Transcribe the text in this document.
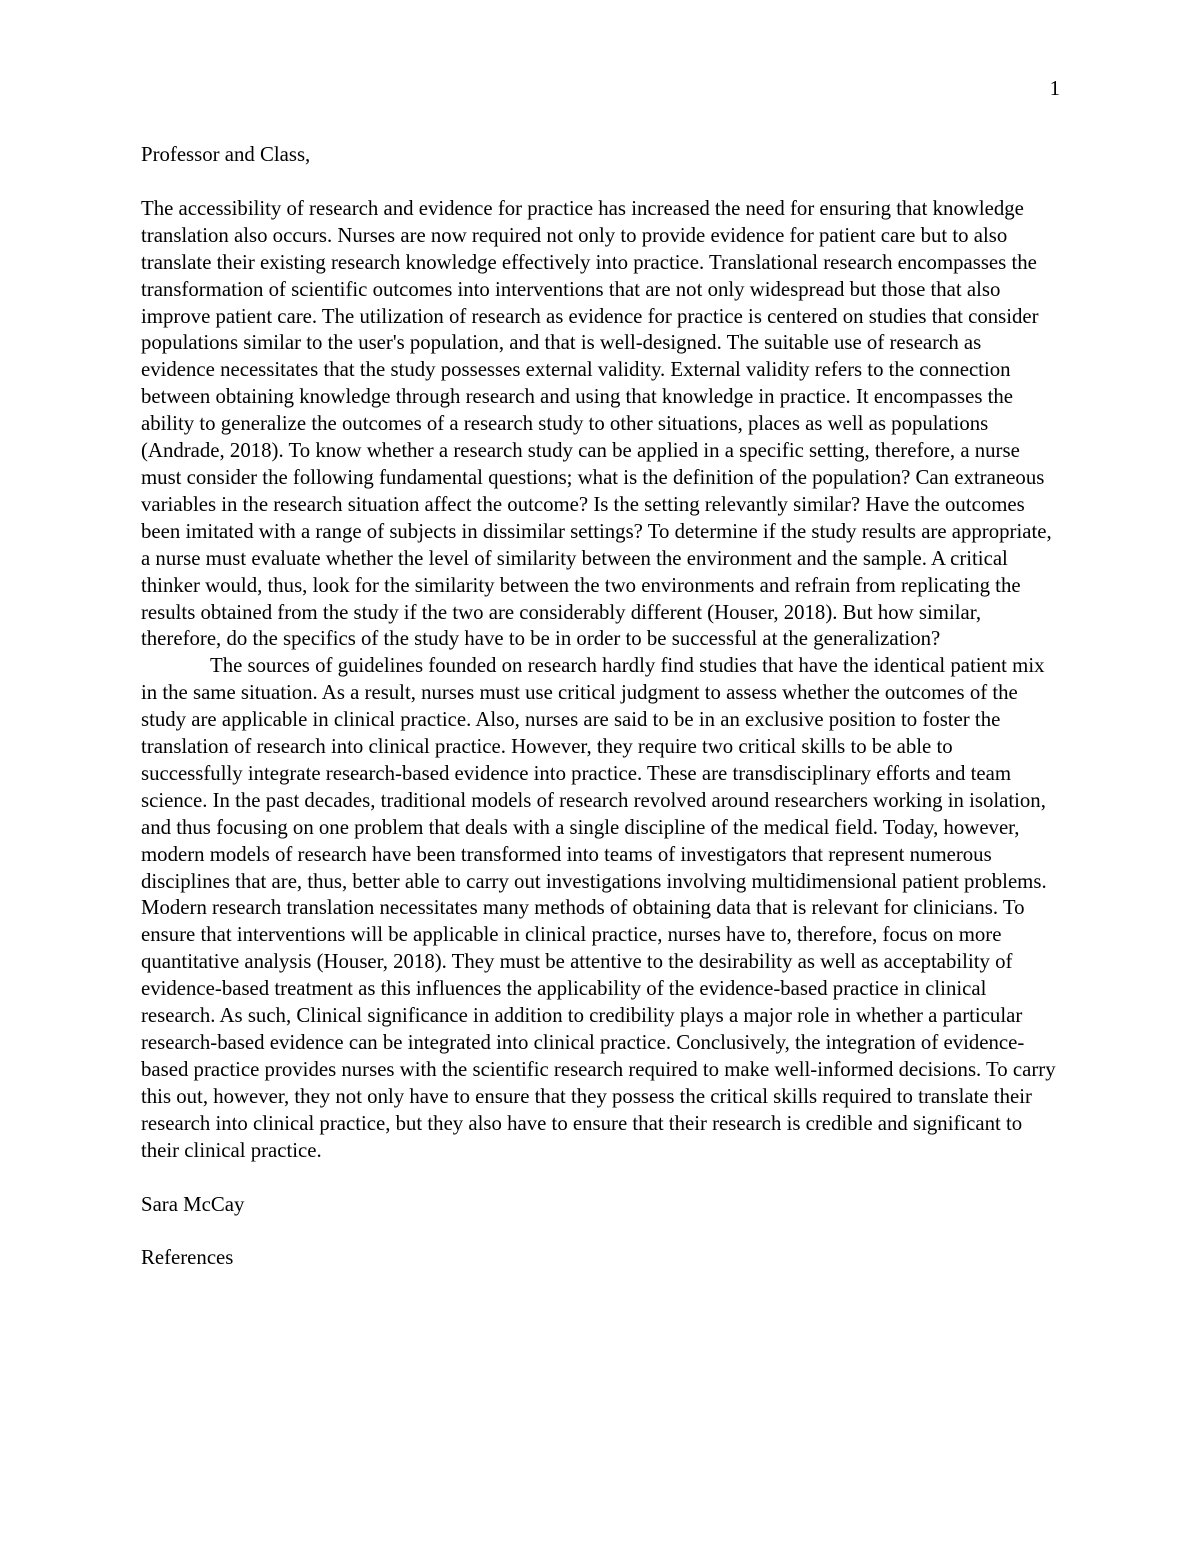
1

Professor and Class,

The accessibility of research and evidence for practice has increased the need for ensuring that knowledge translation also occurs. Nurses are now required not only to provide evidence for patient care but to also translate their existing research knowledge effectively into practice. Translational research encompasses the transformation of scientific outcomes into interventions that are not only widespread but those that also improve patient care. The utilization of research as evidence for practice is centered on studies that consider populations similar to the user's population, and that is well-designed. The suitable use of research as evidence necessitates that the study possesses external validity. External validity refers to the connection between obtaining knowledge through research and using that knowledge in practice. It encompasses the ability to generalize the outcomes of a research study to other situations, places as well as populations (Andrade, 2018). To know whether a research study can be applied in a specific setting, therefore, a nurse must consider the following fundamental questions; what is the definition of the population? Can extraneous variables in the research situation affect the outcome? Is the setting relevantly similar? Have the outcomes been imitated with a range of subjects in dissimilar settings? To determine if the study results are appropriate, a nurse must evaluate whether the level of similarity between the environment and the sample. A critical thinker would, thus, look for the similarity between the two environments and refrain from replicating the results obtained from the study if the two are considerably different (Houser, 2018). But how similar, therefore, do the specifics of the study have to be in order to be successful at the generalization?

The sources of guidelines founded on research hardly find studies that have the identical patient mix in the same situation. As a result, nurses must use critical judgment to assess whether the outcomes of the study are applicable in clinical practice. Also, nurses are said to be in an exclusive position to foster the translation of research into clinical practice. However, they require two critical skills to be able to successfully integrate research-based evidence into practice. These are transdisciplinary efforts and team science. In the past decades, traditional models of research revolved around researchers working in isolation, and thus focusing on one problem that deals with a single discipline of the medical field. Today, however, modern models of research have been transformed into teams of investigators that represent numerous disciplines that are, thus, better able to carry out investigations involving multidimensional patient problems. Modern research translation necessitates many methods of obtaining data that is relevant for clinicians. To ensure that interventions will be applicable in clinical practice, nurses have to, therefore, focus on more quantitative analysis (Houser, 2018). They must be attentive to the desirability as well as acceptability of evidence-based treatment as this influences the applicability of the evidence-based practice in clinical research. As such, Clinical significance in addition to credibility plays a major role in whether a particular research-based evidence can be integrated into clinical practice. Conclusively, the integration of evidence-based practice provides nurses with the scientific research required to make well-informed decisions. To carry this out, however, they not only have to ensure that they possess the critical skills required to translate their research into clinical practice, but they also have to ensure that their research is credible and significant to their clinical practice.

Sara McCay

References
